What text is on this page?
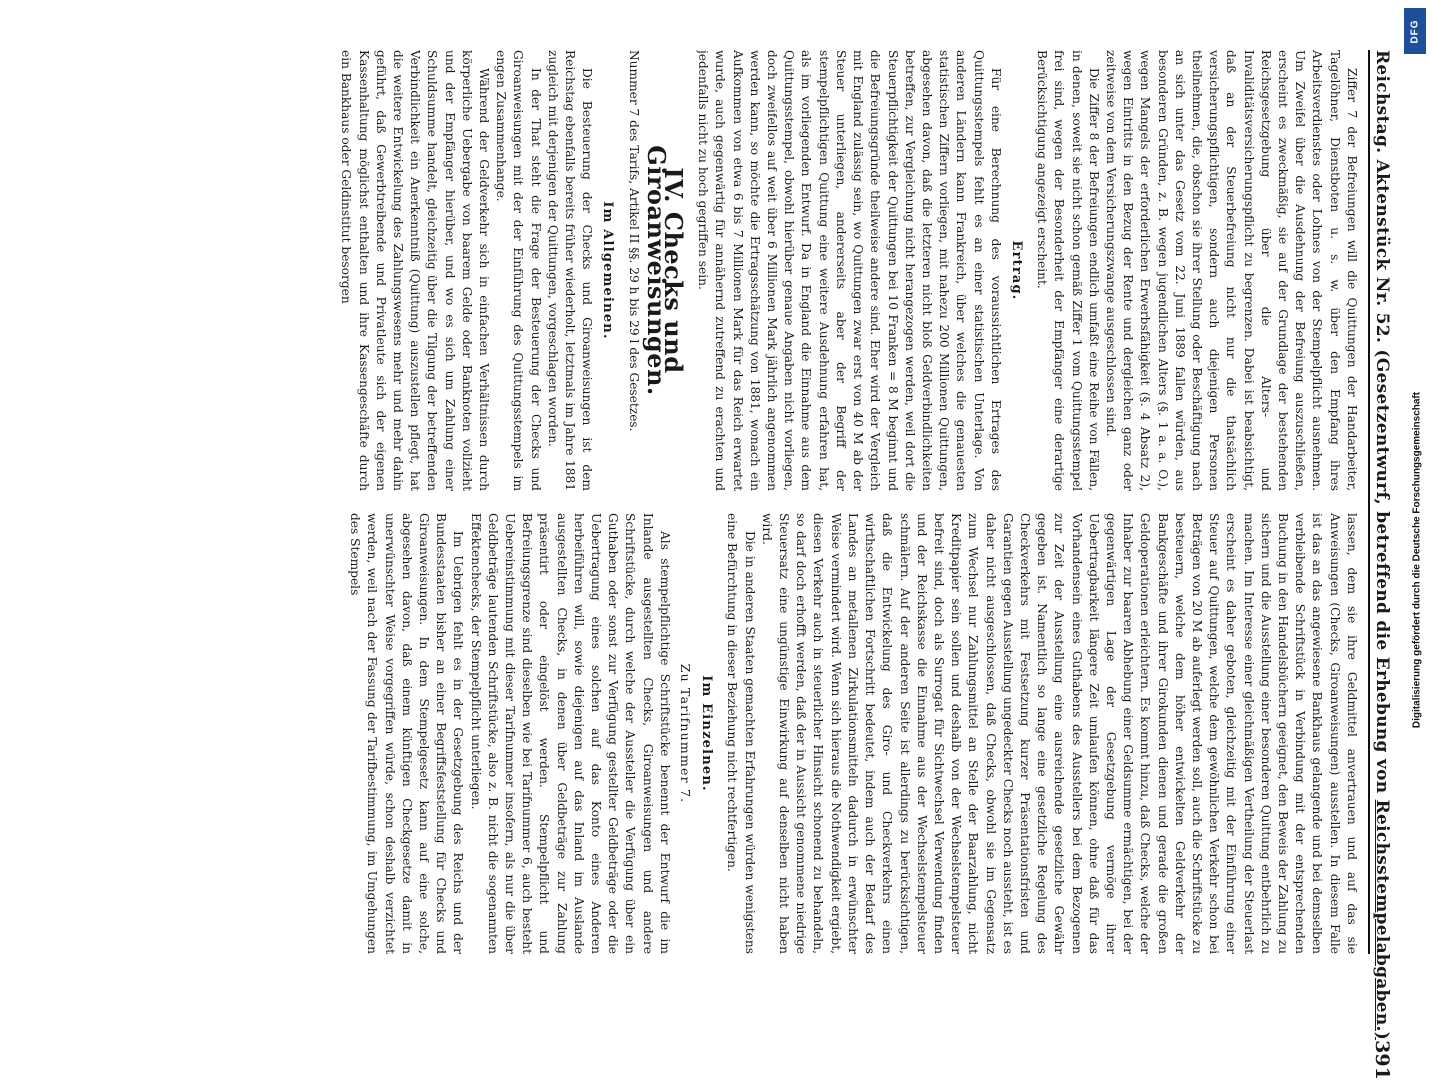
Reichstag. Aktenstück Nr. 52. (Gesetzentwurf, betreffend die Erhebung von Reichsstempelabgaben.)
391

Ziffer 7 der Befreiungen will die Quittungen der Handarbeiter, Tagelöhner, Dienstboten u. s. w. über den Empfang ihres Arbeitsverdienstes oder Lohnes von der Stempelpflicht ausnehmen. Um Zweifel über die Ausdehnung der Befreiung auszuschließen, erscheint es zweckmäßig, sie auf der Grundlage der bestehenden Reichsgesetzgebung über die Alters- und Invaliditätsversicherungspflicht zu begrenzen. Dabei ist beabsichtigt, daß an der Steuerbefreiung nicht nur die thatsächlich versicherungspflichtigen, sondern auch diejenigen Personen theilnehmen, die, obschon sie ihrer Stellung oder Beschäftigung nach an sich unter das Gesetz vom 22. Juni 1889 fallen würden, aus besonderen Gründen, z. B. wegen jugendlichen Alters (§. 1 a. a. O.), wegen Mangels der erforderlichen Erwerbsfähigkeit (§. 4 Absatz 2), wegen Eintritts in den Bezug der Rente und dergleichen ganz oder zeitweise von dem Versicherungszwange ausgeschlossen sind.

Die Ziffer 8 der Befreiungen endlich umfaßt eine Reihe von Fällen, in denen, soweit sie nicht schon gemäß Ziffer 1 vom Quittungsstempel frei sind, wegen der Besonderheit der Empfänger eine derartige Berücksichtigung angezeigt erscheint.

Ertrag.

Für eine Berechnung des voraussichtlichen Ertrages des Quittungsstempels fehlt es an einer statistischen Unterlage. Von anderen Ländern kann Frankreich, über welches die genauesten statistischen Ziffern vorliegen, mit nahezu 200 Millionen Quittungen, abgesehen davon, daß die letzteren nicht bloß Geldverbindlichkeiten betreffen, zur Vergleichung nicht herangezogen werden, weil dort die Steuerpflichtigkeit der Quittungen bei 10 Franken = 8 M beginnt und die Befreiungsgründe theilweise andere sind. Eher wird der Vergleich mit England zulässig sein, wo Quittungen zwar erst von 40 M ab der Steuer unterliegen, andererseits aber der Begriff der stempelpflichtigen Quittung eine weitere Ausdehnung erfahren hat, als im vorliegenden Entwurf. Da in England die Einnahme aus dem Quittungsstempel, obwohl hierüber genaue Angaben nicht vorliegen, doch zweifellos auf weit über 6 Millionen Mark jährlich angenommen werden kann, so möchte die Ertragsschätzung von 1881, wonach ein Aufkommen von etwa 6 bis 7 Millionen Mark für das Reich erwartet wurde, auch gegenwärtig für annähernd zutreffend zu erachten und jedenfalls nicht zu hoch gegriffen sein.

IV. Checks und Giroanweisungen.

Nummer 7 des Tarifs, Artikel II §§. 29 h bis 29 l des Gesetzes.

Im Allgemeinen.

Die Besteuerung der Checks und Giroanweisungen ist dem Reichstag ebenfalls bereits früher wiederholt, letztmals im Jahre 1881 zugleich mit derjenigen der Quittungen, vorgeschlagen worden.

In der That steht die Frage der Besteuerung der Checks und Giroanweisungen mit der der Einführung des Quittungsstempels im engen Zusammenhange.

Während der Geldverkehr sich in einfachen Verhältnissen durch körperliche Uebergabe von baarem Gelde oder Banknoten vollzieht und der Empfänger hierüber, und wo es sich um Zahlung einer Schuldsumme handelt, gleichzeitig über die Tilgung der betreffenden Verbindlichkeit ein Anerkenntniß (Quittung) auszustellen pflegt, hat die weitere Entwickelung des Zahlungswesens mehr und mehr dahin geführt, daß Gewerbtreibende und Privatleute sich der eigenen Kassenhaltung möglichst enthalten und ihre Kassengeschäfte durch ein Bankhaus oder Geldinstitut besorgen

lassen, dem sie ihre Geldmittel anvertrauen und auf das sie Anweisungen (Checks, Giroanweisungen) ausstellen. In diesem Falle ist das an das angewiesene Bankhaus gelangende und bei demselben verbleibende Schriftstück in Verbindung mit der entsprechenden Buchung in den Handelsbüchern geeignet, den Beweis der Zahlung zu sichern und die Ausstellung einer besonderen Quittung entbehrlich zu machen. Im Interesse einer gleichmäßigen Vertheilung der Steuerlast erscheint es daher geboten, gleichzeitig mit der Einführung einer Steuer auf Quittungen, welche dem gewöhnlichen Verkehr schon bei Beträgen von 20 M ab auferlegt werden soll, auch die Schriftstücke zu besteuern, welche dem höher entwickelten Geldverkehr der Bankgeschäfte und ihrer Girokunden dienen und gerade die großen Geldoperationen erleichtern. Es kommt hinzu, daß Checks, welche der Inhaber zur baaren Abhebung einer Geldsumme ermächtigen, bei der gegenwärtigen Lage der Gesetzgebung vermöge ihrer Uebertragbarkeit längere Zeit umlaufen können, ohne daß für das Vorhandensein eines Guthabens des Ausstellers bei dem Bezogenen zur Zeit der Ausstellung eine ausreichende gesetzliche Gewähr gegeben ist. Namentlich so lange eine gesetzliche Regelung des Checkverkehrs mit Festsetzung kurzer Präsentationsfristen und Garantien gegen Ausstellung ungedeckter Checks noch aussteht, ist es daher nicht ausgeschlossen, daß Checks, obwohl sie im Gegensatz zum Wechsel nur Zahlungsmittel an Stelle der Baarzahlung, nicht Kreditpapier sein sollen und deshalb von der Wechselstempelsteuer befreit sind, doch als Surrogat für Sichtwechsel Verwendung finden und der Reichskasse die Einnahme aus der Wechselstempelsteuer schmälern. Auf der anderen Seite ist allerdings zu berücksichtigen, daß die Entwickelung des Giro- und Checkverkehrs einen wirthschaftlichen Fortschritt bedeutet, indem auch der Bedarf des Landes an metallenen Zirkulationsmitteln dadurch in erwünschter Weise vermindert wird. Wenn sich hieraus die Nothwendigkeit ergiebt, diesen Verkehr auch in steuerlicher Hinsicht schonend zu behandeln, so darf doch erhofft werden, daß der in Aussicht genommene niedrige Steuersatz eine ungünstige Einwirkung auf denselben nicht haben wird.

Die in anderen Staaten gemachten Erfahrungen würden wenigstens eine Befürchtung in dieser Beziehung nicht rechtfertigen.

Im Einzelnen.
Zu Tarifnummer 7.

Als stempelpflichtige Schriftstücke benennt der Entwurf die im Inlande ausgestellten Checks, Giroanweisungen und andere Schriftstücke, durch welche der Aussteller die Verfügung über ein Guthaben oder sonst zur Verfügung gestellter Geldbeträge oder die Uebertragung eines solchen auf das Konto eines Anderen herbeiführen will, sowie diejenigen auf das Inland im Auslande ausgestellten Checks, in denen über Geldbeträge zur Zahlung präsentirt oder eingelöst werden. Stempelpflicht und Befreiungsgrenze sind dieselben wie bei Tarifnummer 6, auch besteht Uebereinstimmung mit dieser Tarifnummer insofern, als nur die über Geldbeträge lautenden Schriftstücke, also z. B. nicht die sogenannten Effektenchecks, der Stempelpflicht unterliegen.

Im Uebrigen fehlt es in der Gesetzgebung des Reichs und der Bundesstaaten bisher an einer Begriffsfeststellung für Checks und Giroanweisungen. In dem Stempelgesetz kann auf eine solche, abgesehen davon, daß einem künftigen Checkgesetze damit in unerwünschter Weise vorgegriffen würde, schon deshalb verzichtet werden, weil nach der Fassung der Tarifbestimmung, im Umgehungen des Stempels

DFG
Digitalisierung gefördert durch die Deutsche Forschungsgemeinschaft
